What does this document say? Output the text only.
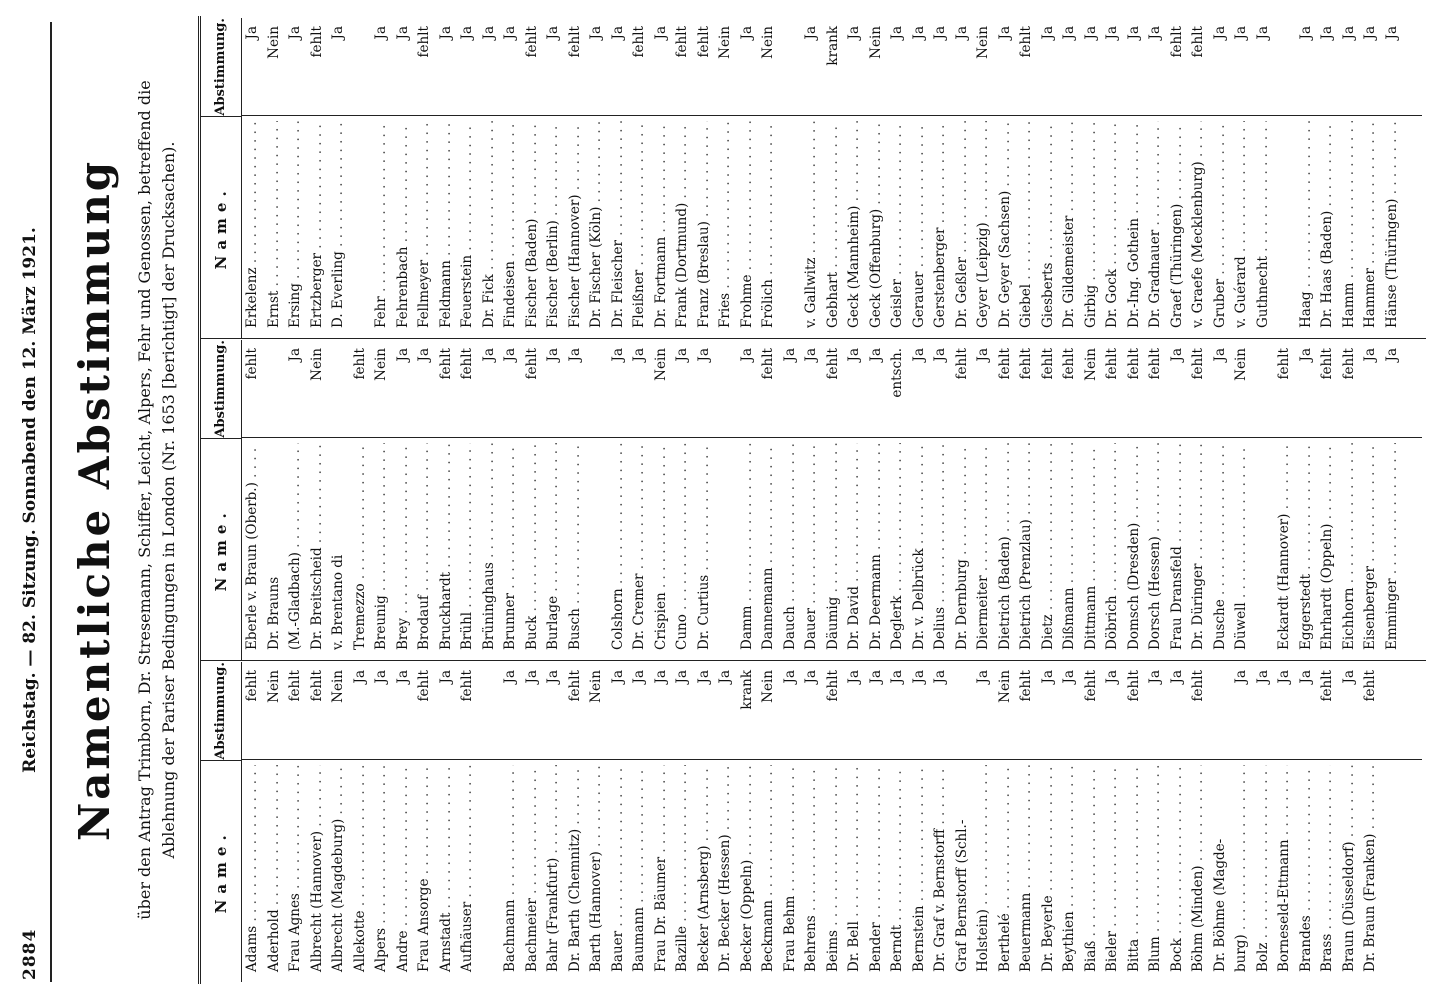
2884
Reichstag. — 82. Sitzung. Sonnabend den 12. März 1921. Namentliche Abstimmung über den Antrag Trimborn, Dr. Stresemann, Schiffer, Leicht, Alpers, Fehr und Genossen, betreffend die Ablehnung der Pariser Bedingungen in London (Nr. 1653 [berichtigt] der Drucksachen).
Name.
Abstimmung.
Adams . . .
fehlt
Aderhold . . .
Nein
Frau Agnes . . .
fehlt
Albrecht (Hannover) . . .
fehlt
Albrecht (Magdeburg) . . .
Nein
Allekotte . . .
Ja
Alpers . . .
Ja
Andre . . .
Ja
Frau Ansorge . . .
fehlt
Arnstadt . . .
Ja
Aufhäuser . . .
fehlt
Bachmann . . .
Ja
Bachmeier . . .
Ja
Bahr (Frankfurt) . . .
Ja
Dr. Barth (Chemnitz) . . .
fehlt
Barth (Hannover) . . .
Nein
Bauer . . .
Ja
Baumann . . .
Ja
Frau Dr. Bäumer . . .
Ja
Bazille . . .
Ja
Becker (Arnsberg) . . .
Ja
Dr. Becker (Hessen) . . .
Ja
Becker (Oppeln) . . .
krank
Beckmann . . .
Nein
Frau Behm . . .
Ja
Behrens . . .
Ja
Beims . . .
fehlt
Dr. Bell . . .
Ja
Bender . . .
Ja
Berndt . . .
Ja
Bernstein . . .
Ja
Dr. Graf v. Bernstorff . . .
Ja
Graf Bernstorff (Schl.- Holstein) . . .
Ja
Berthelé . . .
Nein
Beuermann . . .
fehlt
Dr. Beyerle . . .
Ja
Beythien . . .
Ja
Biaß . . .
fehlt
Bieler . . .
Ja
Bitta . . .
fehlt
Blum . . .
Ja
Bock . . .
Ja
Böhm (Minden) . . .
fehlt
Dr. Böhme (Magde- burg) . . .
Ja
Bolz . . .
Ja
Borneseld-Ettmann . . .
Ja
Brandes . . .
Ja
Brass . . .
fehlt
Braun (Düsseldorf) . . .
Ja
Dr. Braun (Franken) . . .
fehlt
Name.
Abstimmung.
Eberle v. Braun (Oberb.) . . .
fehlt
Dr. Brauns (M.-Gladbach) . . .
Ja
Dr. Breitscheid . . .
Nein
v. Brentano di Tremezzo . . .
fehlt
Breunig . . .
Nein
Brey . . .
Ja
Brodauf . . .
Ja
Bruckhardt . . .
fehlt
Brühl . . .
fehlt
Brüninghaus . . .
Ja
Brunner . . .
Ja
Buck . . .
fehlt
Burlage . . .
Ja
Busch . . .
Ja
Colshorn . . .
Ja
Dr. Cremer . . .
Ja
Crispien . . .
Nein
Cuno . . .
Ja
Dr. Curtius . . .
Ja
Damm . . .
Ja
Dannemann . . .
fehlt
Dauch . . .
Ja
Dauer . . .
Ja
Däumig . . .
fehlt
Dr. David . . .
Ja
Dr. Deermann . . .
Ja
Deglerk . . .
entsch.
Dr. v. Delbrück . . .
Ja
Delius . . .
Ja
Dr. Dernburg . . .
fehlt
Diermeiter . . .
Ja
Dietrich (Baden) . . .
fehlt
Dietrich (Prenzlau) . . .
fehlt
Dietz . . .
fehlt
Dißmann . . .
fehlt
Dittmann . . .
Nein
Döbrich . . .
fehlt
Domsch (Dresden) . . .
fehlt
Dorsch (Hessen) . . .
fehlt
Frau Dransfeld . . .
Ja
Dr. Düringer . . .
fehlt
Dusche . . .
Ja
Düwell . . .
Nein
Eckardt (Hannover) . . .
fehlt
Eggerstedt . . .
Ja
Ehrhardt (Oppeln) . . .
fehlt
Eichhorn . . .
fehlt
Eisenberger . . .
Ja
Emminger . . .
Ja
Name.
Abstimmung.
Erkelenz . . .
Ja
Ernst . . .
Nein
Ersing . . .
Ja
Ertzberger . . .
fehlt
D. Everling . . .
Ja
Fehr . . .
Ja
Fehrenbach . . .
Ja
Fellmeyer . . .
fehlt
Feldmann . . .
Ja
Feuerstein . . .
Ja
Dr. Fick . . .
Ja
Findeisen . . .
Ja
Fischer (Baden) . . .
fehlt
Fischer (Berlin) . . .
Ja
Fischer (Hannover) . . .
fehlt
Dr. Fischer (Köln) . . .
Ja
Dr. Fleischer . . .
Ja
Fleißner . . .
fehlt
Dr. Fortmann . . .
Ja
Frank (Dortmund) . . .
fehlt
Franz (Breslau) . . .
fehlt
Fries . . .
Nein
Frohme . . .
Ja
Frölich . . .
Nein
v. Gallwitz . . .
Ja
Gebhart . . .
krank
Geck (Mannheim) . . .
Ja
Geck (Offenburg) . . .
Nein
Geisler . . .
Ja
Gerauer . . .
Ja
Gerstenberger . . .
Ja
Dr. Geßler . . .
Ja
Geyer (Leipzig) . . .
Nein
Dr. Geyer (Sachsen) . . .
Ja
Giebel . . .
fehlt
Giesberts . . .
Ja
Dr. Gildemeister . . .
Ja
Girbig . . .
Ja
Dr. Gock . . .
Ja
Dr.-Ing. Gothein . . .
Ja
Dr. Gradnauer . . .
Ja
Graef (Thüringen) . . .
fehlt
v. Graefe (Mecklenburg) . . .
fehlt
Gruber . . .
Ja
v. Guérard . . .
Ja
Guthnecht . . .
Ja
Haag . . .
Ja
Dr. Haas (Baden) . . .
Ja
Hamm . . .
Ja
Hammer . . .
Ja
Hänse (Thüringen) . . .
Ja
